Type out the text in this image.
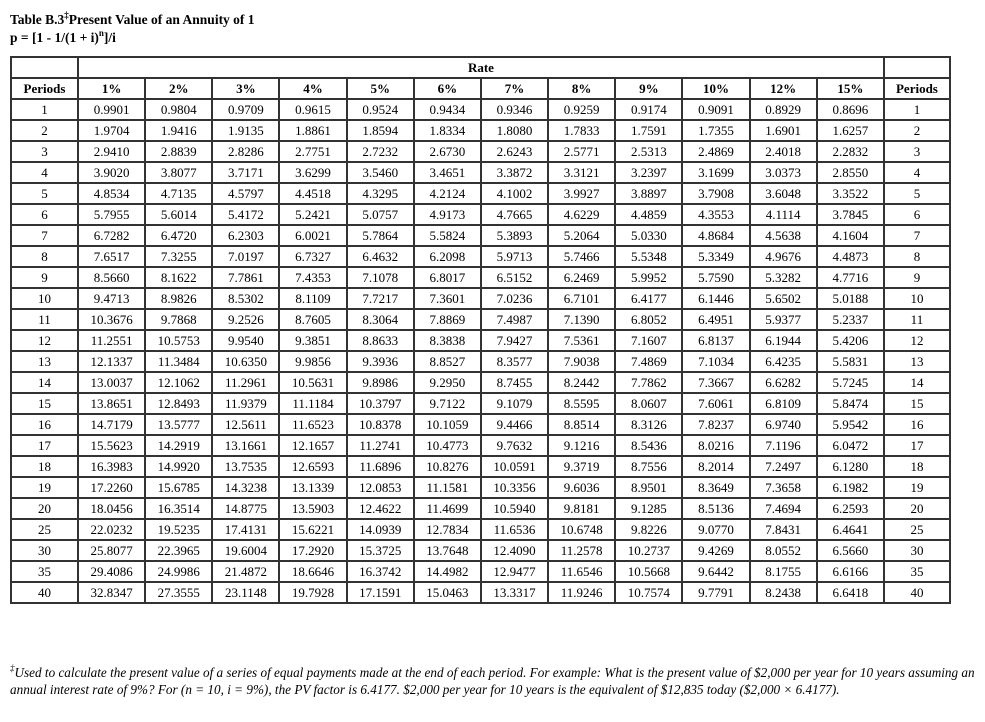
Table B.3‡Present Value of an Annuity of 1
$p = [1 - 1/(1 + i)^n]/i$
	Rate												
Periods	1%	2%	3%	4%	5%	6%	7%	8%	9%	10%	12%	15%	Periods
1	0.9901	0.9804	0.9709	0.9615	0.9524	0.9434	0.9346	0.9259	0.9174	0.9091	0.8929	0.8696	1
2	1.9704	1.9416	1.9135	1.8861	1.8594	1.8334	1.8080	1.7833	1.7591	1.7355	1.6901	1.6257	2
3	2.9410	2.8839	2.8286	2.7751	2.7232	2.6730	2.6243	2.5771	2.5313	2.4869	2.4018	2.2832	3
4	3.9020	3.8077	3.7171	3.6299	3.5460	3.4651	3.3872	3.3121	3.2397	3.1699	3.0373	2.8550	4
5	4.8534	4.7135	4.5797	4.4518	4.3295	4.2124	4.1002	3.9927	3.8897	3.7908	3.6048	3.3522	5
6	5.7955	5.6014	5.4172	5.2421	5.0757	4.9173	4.7665	4.6229	4.4859	4.3553	4.1114	3.7845	6
7	6.7282	6.4720	6.2303	6.0021	5.7864	5.5824	5.3893	5.2064	5.0330	4.8684	4.5638	4.1604	7
8	7.6517	7.3255	7.0197	6.7327	6.4632	6.2098	5.9713	5.7466	5.5348	5.3349	4.9676	4.4873	8
9	8.5660	8.1622	7.7861	7.4353	7.1078	6.8017	6.5152	6.2469	5.9952	5.7590	5.3282	4.7716	9
10	9.4713	8.9826	8.5302	8.1109	7.7217	7.3601	7.0236	6.7101	6.4177	6.1446	5.6502	5.0188	10
11	10.3676	9.7868	9.2526	8.7605	8.3064	7.8869	7.4987	7.1390	6.8052	6.4951	5.9377	5.2337	11
12	11.2551	10.5753	9.9540	9.3851	8.8633	8.3838	7.9427	7.5361	7.1607	6.8137	6.1944	5.4206	12
13	12.1337	11.3484	10.6350	9.9856	9.3936	8.8527	8.3577	7.9038	7.4869	7.1034	6.4235	5.5831	13
14	13.0037	12.1062	11.2961	10.5631	9.8986	9.2950	8.7455	8.2442	7.7862	7.3667	6.6282	5.7245	14
15	13.8651	12.8493	11.9379	11.1184	10.3797	9.7122	9.1079	8.5595	8.0607	7.6061	6.8109	5.8474	15
16	14.7179	13.5777	12.5611	11.6523	10.8378	10.1059	9.4466	8.8514	8.3126	7.8237	6.9740	5.9542	16
17	15.5623	14.2919	13.1661	12.1657	11.2741	10.4773	9.7632	9.1216	8.5436	8.0216	7.1196	6.0472	17
18	16.3983	14.9920	13.7535	12.6593	11.6896	10.8276	10.0591	9.3719	8.7556	8.2014	7.2497	6.1280	18
19	17.2260	15.6785	14.3238	13.1339	12.0853	11.1581	10.3356	9.6036	8.9501	8.3649	7.3658	6.1982	19
20	18.0456	16.3514	14.8775	13.5903	12.4622	11.4699	10.5940	9.8181	9.1285	8.5136	7.4694	6.2593	20
25	22.0232	19.5235	17.4131	15.6221	14.0939	12.7834	11.6536	10.6748	9.8226	9.0770	7.8431	6.4641	25
30	25.8077	22.3965	19.6004	17.2920	15.3725	13.7648	12.4090	11.2578	10.2737	9.4269	8.0552	6.5660	30
35	29.4086	24.9986	21.4872	18.6646	16.3742	14.4982	12.9477	11.6546	10.5668	9.6442	8.1755	6.6166	35
40	32.8347	27.3555	23.1148	19.7928	17.1591	15.0463	13.3317	11.9246	10.7574	9.7791	8.2438	6.6418	40
‡Used to calculate the present value of a series of equal payments made at the end of each period. For example: What is the present value of $2,000 per year for 10 years assuming an annual interest rate of 9%? For (n = 10, i = 9%), the PV factor is 6.4177. $2,000 per year for 10 years is the equivalent of $12,835 today ($2,000 × 6.4177).
